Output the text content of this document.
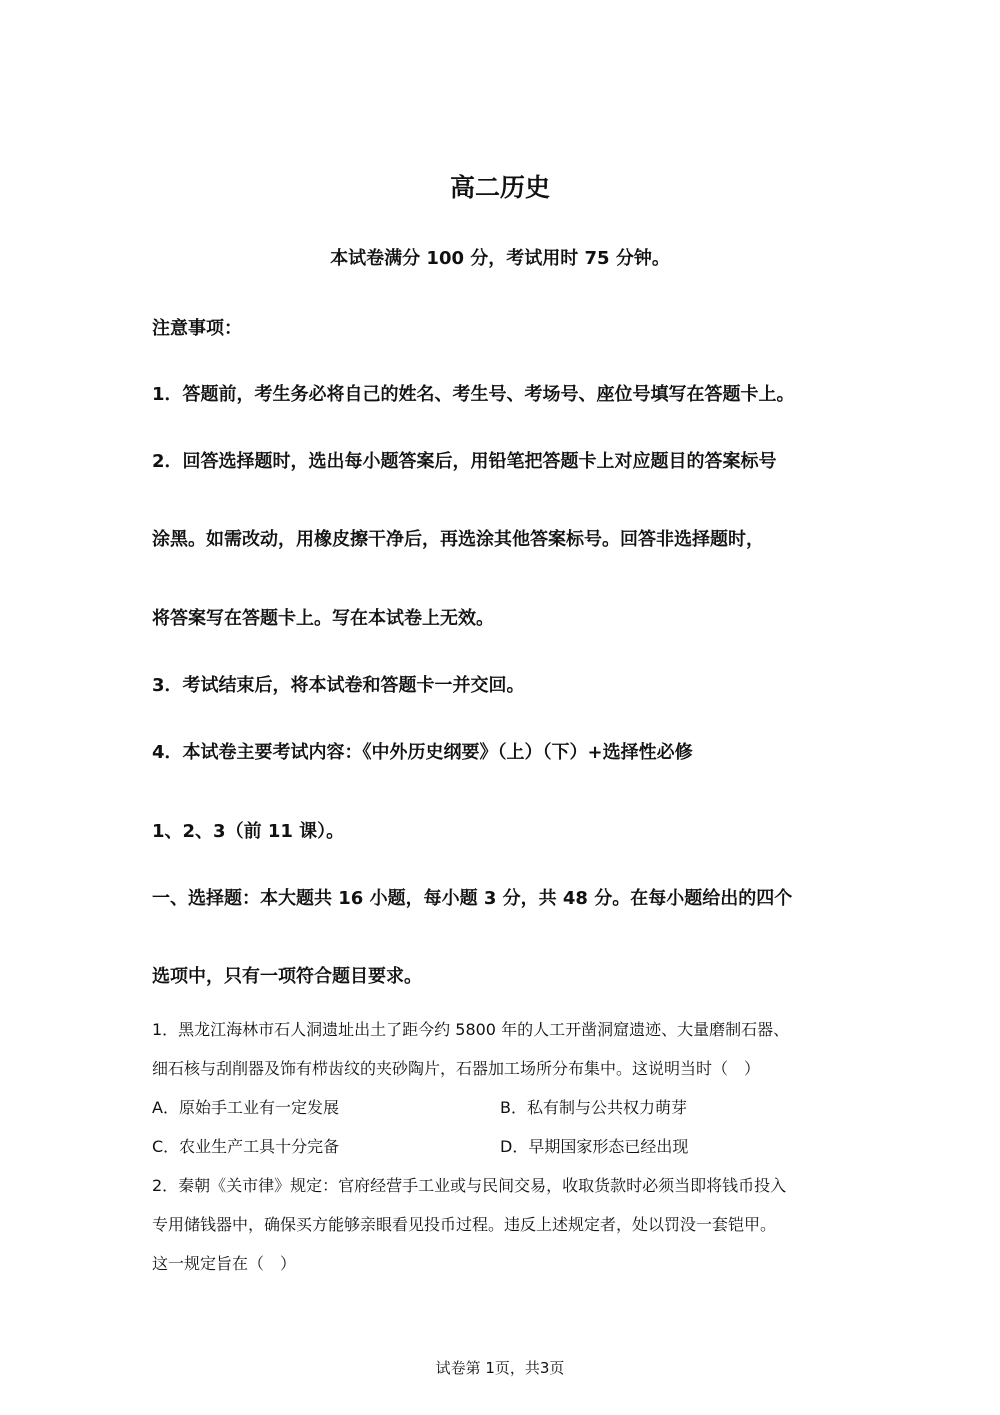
高二历史

本试卷满分 100 分，考试用时 75 分钟。

注意事项：

1．答题前，考生务必将自己的姓名、考生号、考场号、座位号填写在答题卡上。

2．回答选择题时，选出每小题答案后，用铅笔把答题卡上对应题目的答案标号

涂黑。如需改动，用橡皮擦干净后，再选涂其他答案标号。回答非选择题时，

将答案写在答题卡上。写在本试卷上无效。

3．考试结束后，将本试卷和答题卡一并交回。

4．本试卷主要考试内容：《中外历史纲要》（上）（下）+选择性必修

1、2、3（前 11 课）。

一、选择题：本大题共 16 小题，每小题 3 分，共 48 分。在每小题给出的四个

选项中，只有一项符合题目要求。

1．黑龙江海林市石人洞遗址出土了距今约 5800 年的人工开凿洞窟遗迹、大量磨制石器、

细石核与刮削器及饰有栉齿纹的夹砂陶片，石器加工场所分布集中。这说明当时（　）

A．原始手工业有一定发展	B．私有制与公共权力萌芽
C．农业生产工具十分完备	D．早期国家形态已经出现

2．秦朝《关市律》规定：官府经营手工业或与民间交易，收取货款时必须当即将钱币投入

专用储钱器中，确保买方能够亲眼看见投币过程。违反上述规定者，处以罚没一套铠甲。

这一规定旨在（　）

试卷第 1页，共3页
